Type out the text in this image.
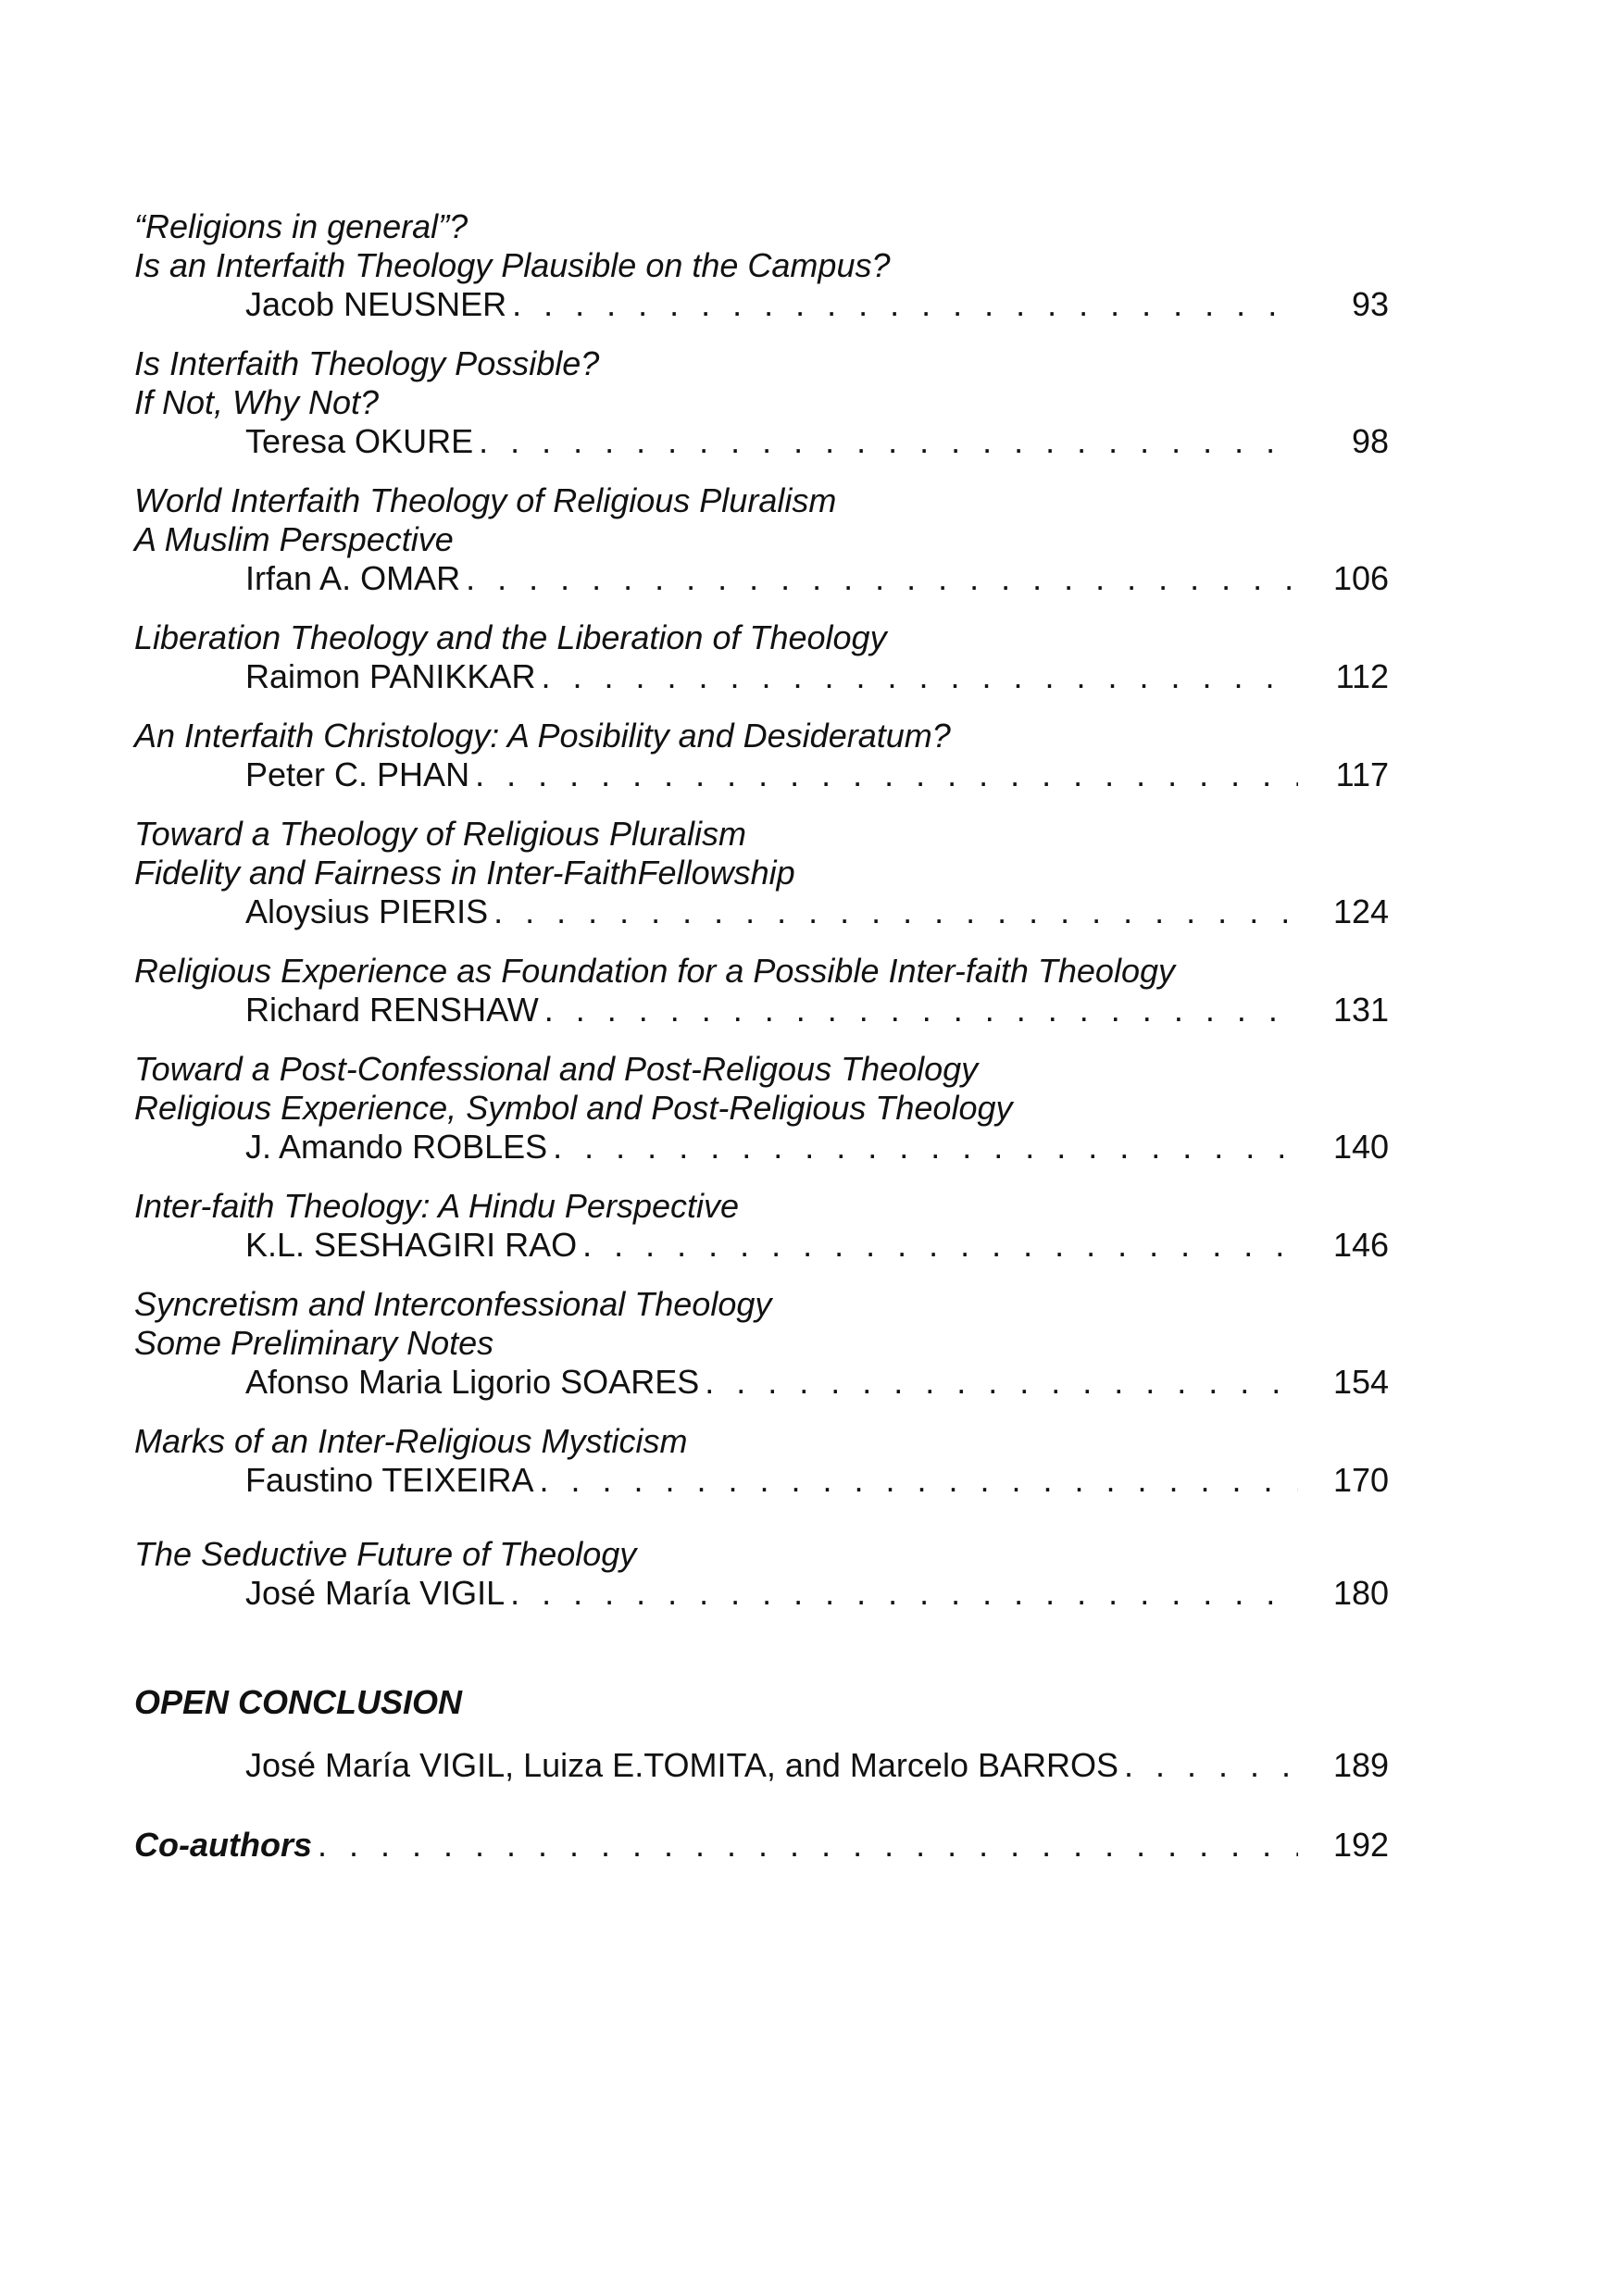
“Religions in general”?
Is an Interfaith Theology Plausible on the Campus?
Jacob NEUSNER . . .	93
Is Interfaith Theology Possible?
If Not, Why Not?
Teresa OKURE . . .	98
World Interfaith Theology of Religious Pluralism
A Muslim Perspective
Irfan A. OMAR . . .	106
Liberation Theology and the Liberation of Theology
Raimon PANIKKAR . . .	112
An Interfaith Christology: A Posibility and Desideratum?
Peter C. PHAN . . .	117
Toward a Theology of Religious Pluralism
Fidelity and Fairness in Inter-FaithFellowship
Aloysius PIERIS . . .	124
Religious Experience as Foundation for a Possible Inter-faith Theology
Richard RENSHAW . . .	131
Toward a Post-Confessional and Post-Religous Theology
Religious Experience, Symbol and Post-Religious Theology
J. Amando ROBLES . . .	140
Inter-faith Theology: A Hindu Perspective
K.L. SESHAGIRI RAO . . .	146
Syncretism and Interconfessional Theology
Some Preliminary Notes
Afonso Maria Ligorio SOARES . . .	154
Marks of an Inter-Religious Mysticism
Faustino TEIXEIRA . . .	170
The Seductive Future of Theology
José María VIGIL . . .	180
OPEN CONCLUSION
José María VIGIL, Luiza E.TOMITA, and Marcelo BARROS . . .	189
Co-authors . . .	192
